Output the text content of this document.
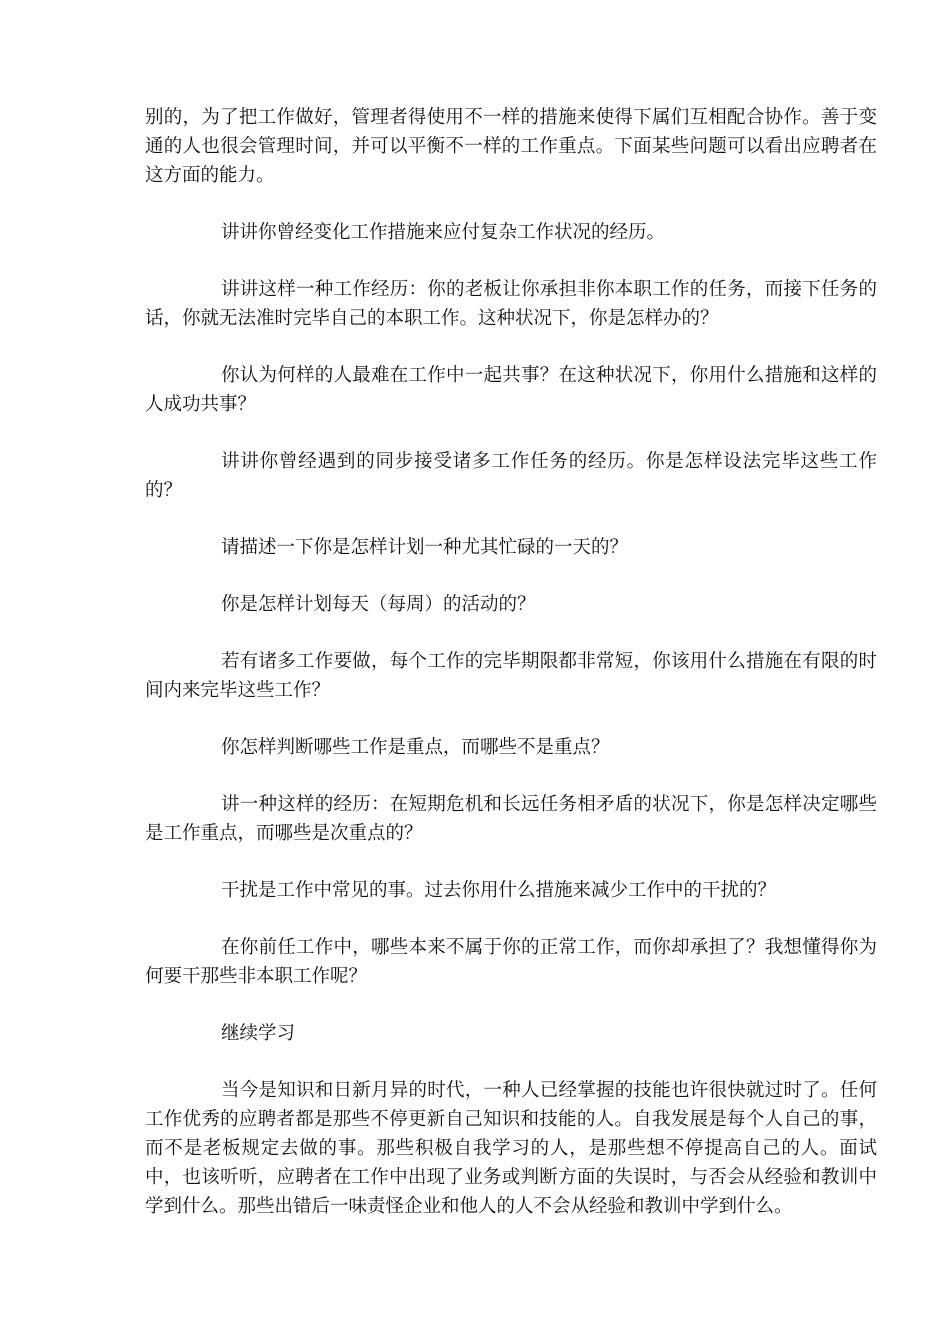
别的，为了把工作做好，管理者得使用不一样的措施来使得下属们互相配合协作。善于变通的人也很会管理时间，并可以平衡不一样的工作重点。下面某些问题可以看出应聘者在这方面的能力。

讲讲你曾经变化工作措施来应付复杂工作状况的经历。

讲讲这样一种工作经历：你的老板让你承担非你本职工作的任务，而接下任务的话，你就无法准时完毕自己的本职工作。这种状况下，你是怎样办的？

你认为何样的人最难在工作中一起共事？在这种状况下，你用什么措施和这样的人成功共事？

讲讲你曾经遇到的同步接受诸多工作任务的经历。你是怎样设法完毕这些工作的？

请描述一下你是怎样计划一种尤其忙碌的一天的？

你是怎样计划每天（每周）的活动的？

若有诸多工作要做，每个工作的完毕期限都非常短，你该用什么措施在有限的时间内来完毕这些工作？

你怎样判断哪些工作是重点，而哪些不是重点？

讲一种这样的经历：在短期危机和长远任务相矛盾的状况下，你是怎样决定哪些是工作重点，而哪些是次重点的？

干扰是工作中常见的事。过去你用什么措施来减少工作中的干扰的？

在你前任工作中，哪些本来不属于你的正常工作，而你却承担了？我想懂得你为何要干那些非本职工作呢？

继续学习

当今是知识和日新月异的时代，一种人已经掌握的技能也许很快就过时了。任何工作优秀的应聘者都是那些不停更新自己知识和技能的人。自我发展是每个人自己的事，而不是老板规定去做的事。那些积极自我学习的人，是那些想不停提高自己的人。面试中，也该听听，应聘者在工作中出现了业务或判断方面的失误时，与否会从经验和教训中学到什么。那些出错后一味责怪企业和他人的人不会从经验和教训中学到什么。
